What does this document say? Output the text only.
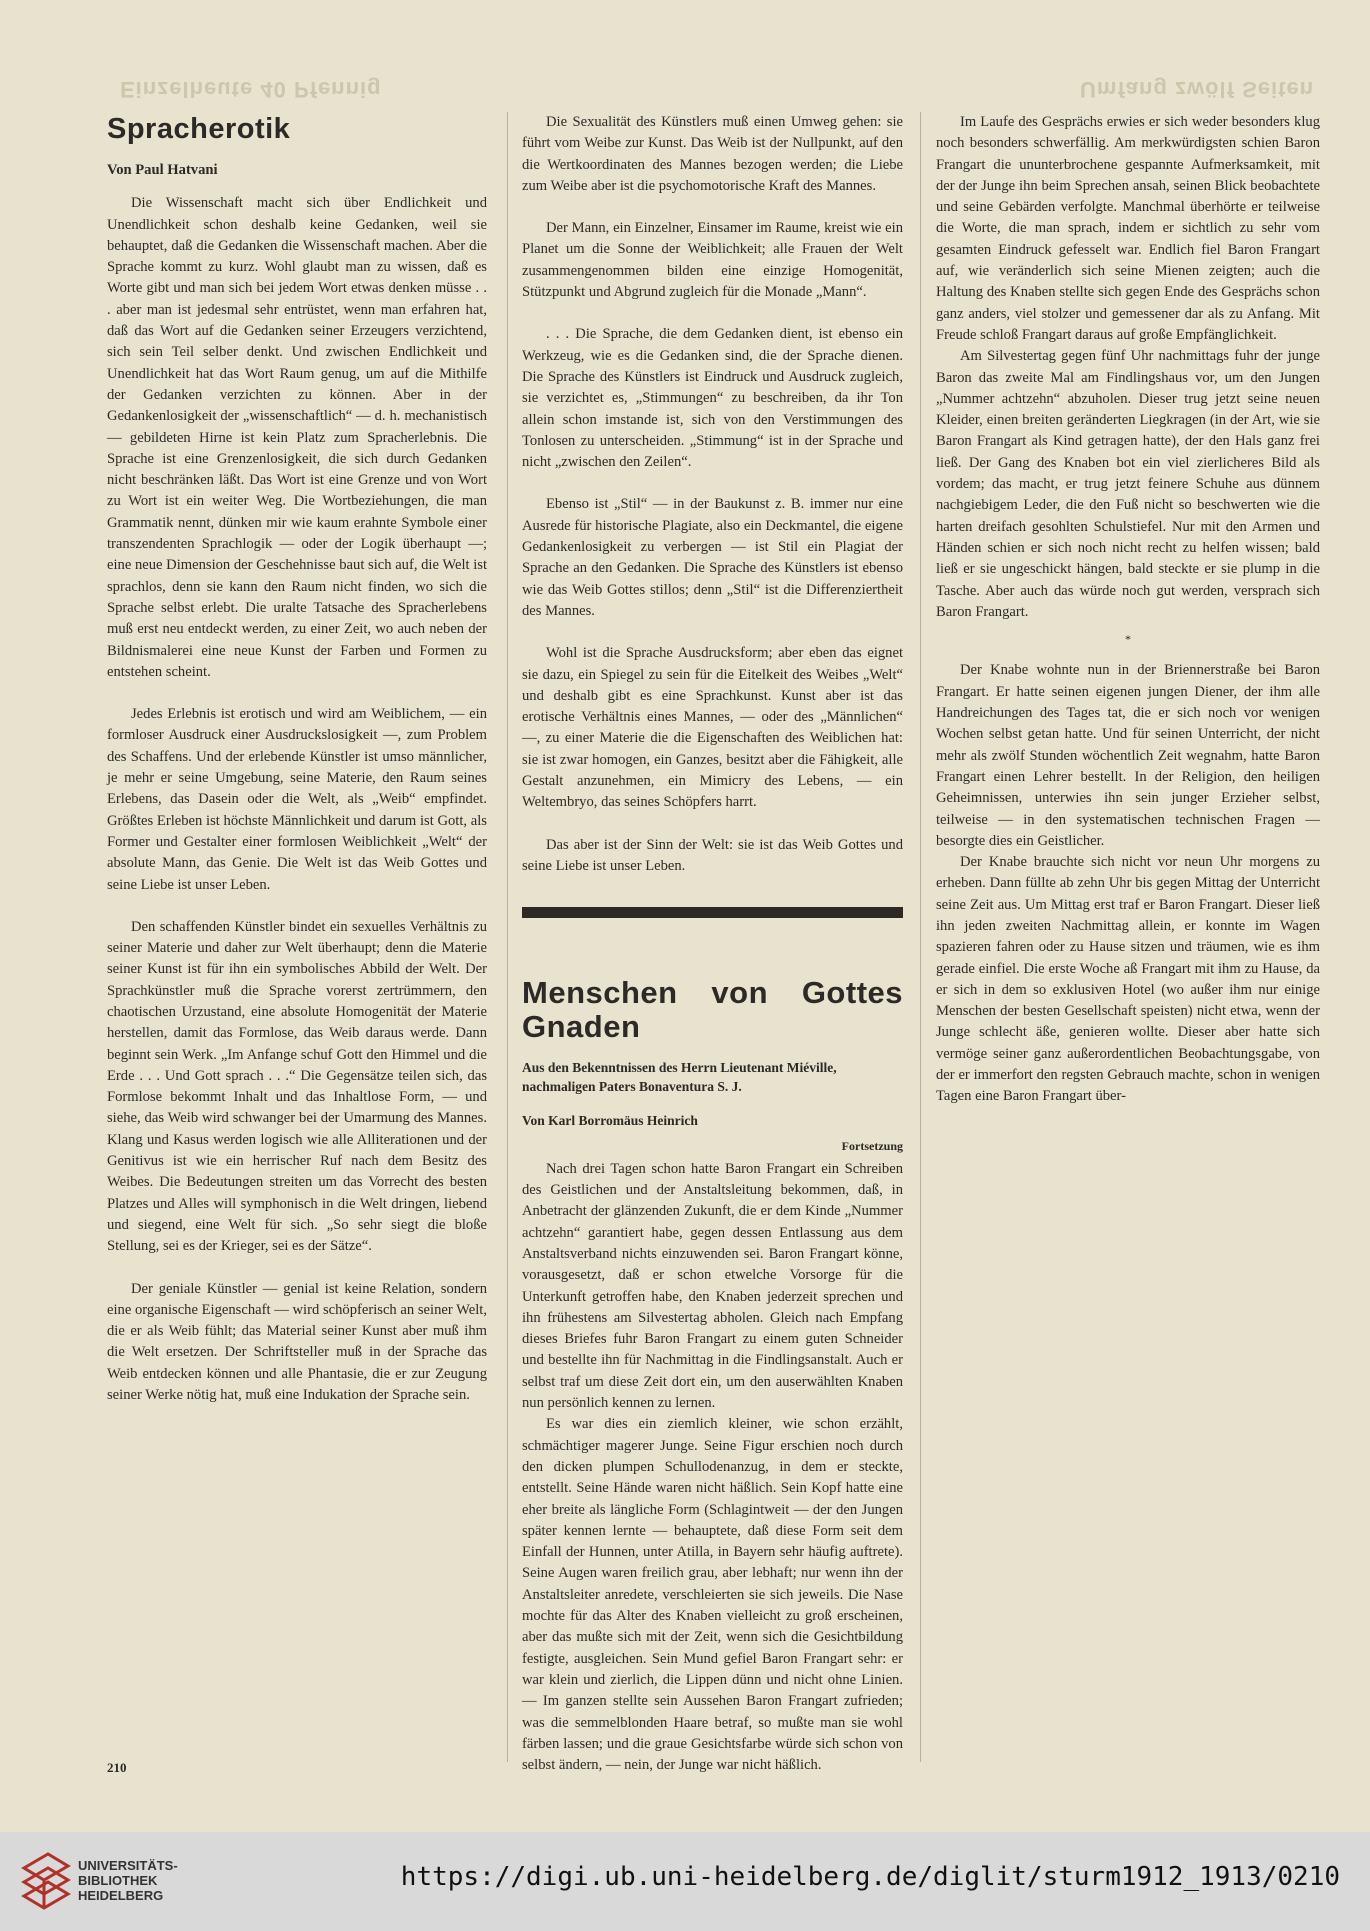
Einzelheute 40 Pfennig	Umfang zwölf Seiten
Spracherotik
Von Paul Hatvani

Die Wissenschaft macht sich über Endlichkeit und Unendlichkeit schon deshalb keine Gedanken, weil sie behauptet, daß die Gedanken die Wissenschaft machen. Aber die Sprache kommt zu kurz. Wohl glaubt man zu wissen, daß es Worte gibt und man sich bei jedem Wort etwas denken müsse . . . aber man ist jedesmal sehr entrüstet, wenn man erfahren hat, daß das Wort auf die Gedanken seiner Erzeugers verzichtend, sich sein Teil selber denkt. Und zwischen Endlichkeit und Unendlichkeit hat das Wort Raum genug, um auf die Mithilfe der Gedanken verzichten zu können. Aber in der Gedankenlosigkeit der „wissenschaftlich“ — d. h. mechanistisch — gebildeten Hirne ist kein Platz zum Spracherlebnis. Die Sprache ist eine Grenzenlosigkeit, die sich durch Gedanken nicht beschränken läßt. Das Wort ist eine Grenze und von Wort zu Wort ist ein weiter Weg. Die Wortbeziehungen, die man Grammatik nennt, dünken mir wie kaum erahnte Symbole einer transzendenten Sprachlogik — oder der Logik überhaupt —; eine neue Dimension der Geschehnisse baut sich auf, die Welt ist sprachlos, denn sie kann den Raum nicht finden, wo sich die Sprache selbst erlebt. Die uralte Tatsache des Spracherlebens muß erst neu entdeckt werden, zu einer Zeit, wo auch neben der Bildnismalerei eine neue Kunst der Farben und Formen zu entstehen scheint.

Jedes Erlebnis ist erotisch und wird am Weiblichem, — ein formloser Ausdruck einer Ausdruckslosigkeit —, zum Problem des Schaffens. Und der erlebende Künstler ist umso männlicher, je mehr er seine Umgebung, seine Materie, den Raum seines Erlebens, das Dasein oder die Welt, als „Weib“ empfindet. Größtes Erleben ist höchste Männlichkeit und darum ist Gott, als Former und Gestalter einer formlosen Weiblichkeit „Welt“ der absolute Mann, das Genie. Die Welt ist das Weib Gottes und seine Liebe ist unser Leben.

Den schaffenden Künstler bindet ein sexuelles Verhältnis zu seiner Materie und daher zur Welt überhaupt; denn die Materie seiner Kunst ist für ihn ein symbolisches Abbild der Welt. Der Sprachkünstler muß die Sprache vorerst zertrümmern, den chaotischen Urzustand, eine absolute Homogenität der Materie herstellen, damit das Formlose, das Weib daraus werde. Dann beginnt sein Werk. „Im Anfange schuf Gott den Himmel und die Erde . . . Und Gott sprach . . .“ Die Gegensätze teilen sich, das Formlose bekommt Inhalt und das Inhaltlose Form, — und siehe, das Weib wird schwanger bei der Umarmung des Mannes. Klang und Kasus werden logisch wie alle Alliterationen und der Genitivus ist wie ein herrischer Ruf nach dem Besitz des Weibes. Die Bedeutungen streiten um das Vorrecht des besten Platzes und Alles will symphonisch in die Welt dringen, liebend und siegend, eine Welt für sich. „So sehr siegt die bloße Stellung, sei es der Krieger, sei es der Sätze“.

Der geniale Künstler — genial ist keine Relation, sondern eine organische Eigenschaft — wird schöpferisch an seiner Welt, die er als Weib fühlt; das Material seiner Kunst aber muß ihm die Welt ersetzen. Der Schriftsteller muß in der Sprache das Weib entdecken können und alle Phantasie, die er zur Zeugung seiner Werke nötig hat, muß eine Indukation der Sprache sein.

Die Sexualität des Künstlers muß einen Umweg gehen: sie führt vom Weibe zur Kunst. Das Weib ist der Nullpunkt, auf den die Wertkoordinaten des Mannes bezogen werden; die Liebe zum Weibe aber ist die psychomotorische Kraft des Mannes.

Der Mann, ein Einzelner, Einsamer im Raume, kreist wie ein Planet um die Sonne der Weiblichkeit; alle Frauen der Welt zusammengenommen bilden eine einzige Homogenität, Stützpunkt und Abgrund zugleich für die Monade „Mann“.

. . . Die Sprache, die dem Gedanken dient, ist ebenso ein Werkzeug, wie es die Gedanken sind, die der Sprache dienen. Die Sprache des Künstlers ist Eindruck und Ausdruck zugleich, sie verzichtet es, „Stimmungen“ zu beschreiben, da ihr Ton allein schon imstande ist, sich von den Verstimmungen des Tonlosen zu unterscheiden. „Stimmung“ ist in der Sprache und nicht „zwischen den Zeilen“.

Ebenso ist „Stil“ — in der Baukunst z. B. immer nur eine Ausrede für historische Plagiate, also ein Deckmantel, die eigene Gedankenlosigkeit zu verbergen — ist Stil ein Plagiat der Sprache an den Gedanken. Die Sprache des Künstlers ist ebenso wie das Weib Gottes stillos; denn „Stil“ ist die Differenziertheit des Mannes.

Wohl ist die Sprache Ausdrucksform; aber eben das eignet sie dazu, ein Spiegel zu sein für die Eitelkeit des Weibes „Welt“ und deshalb gibt es eine Sprachkunst. Kunst aber ist das erotische Verhältnis eines Mannes, — oder des „Männlichen“ —, zu einer Materie die die Eigenschaften des Weiblichen hat: sie ist zwar homogen, ein Ganzes, besitzt aber die Fähigkeit, alle Gestalt anzunehmen, ein Mimicry des Lebens, — ein Weltembryo, das seines Schöpfers harrt.

Das aber ist der Sinn der Welt: sie ist das Weib Gottes und seine Liebe ist unser Leben.

Menschen von Gottes Gnaden
Aus den Bekenntnissen des Herrn Lieutenant Miéville, nachmaligen Paters Bonaventura S. J.
Von Karl Borromäus Heinrich
Fortsetzung

Nach drei Tagen schon hatte Baron Frangart ein Schreiben des Geistlichen und der Anstaltsleitung bekommen, daß, in Anbetracht der glänzenden Zukunft, die er dem Kinde „Nummer achtzehn“ garantiert habe, gegen dessen Entlassung aus dem Anstaltsverband nichts einzuwenden sei. Baron Frangart könne, vorausgesetzt, daß er schon etwelche Vorsorge für die Unterkunft getroffen habe, den Knaben jederzeit sprechen und ihn frühestens am Silvestertag abholen. Gleich nach Empfang dieses Briefes fuhr Baron Frangart zu einem guten Schneider und bestellte ihn für Nachmittag in die Findlingsanstalt. Auch er selbst traf um diese Zeit dort ein, um den auserwählten Knaben nun persönlich kennen zu lernen.

Es war dies ein ziemlich kleiner, wie schon erzählt, schmächtiger magerer Junge. Seine Figur erschien noch durch den dicken plumpen Schullodenanzug, in dem er steckte, entstellt. Seine Hände waren nicht häßlich. Sein Kopf hatte eine eher breite als längliche Form (Schlagintweit — der den Jungen später kennen lernte — behauptete, daß diese Form seit dem Einfall der Hunnen, unter Atilla, in Bayern sehr häufig auftrete). Seine Augen waren freilich grau, aber lebhaft; nur wenn ihn der Anstaltsleiter anredete, verschleierten sie sich jeweils. Die Nase mochte für das Alter des Knaben vielleicht zu groß erscheinen, aber das mußte sich mit der Zeit, wenn sich die Gesichtbildung festigte, ausgleichen. Sein Mund gefiel Baron Frangart sehr: er war klein und zierlich, die Lippen dünn und nicht ohne Linien. — Im ganzen stellte sein Aussehen Baron Frangart zufrieden; was die semmelblonden Haare betraf, so mußte man sie wohl färben lassen; und die graue Gesichtsfarbe würde sich schon von selbst ändern, — nein, der Junge war nicht häßlich.

Im Laufe des Gesprächs erwies er sich weder besonders klug noch besonders schwerfällig. Am merkwürdigsten schien Baron Frangart die ununterbrochene gespannte Aufmerksamkeit, mit der der Junge ihn beim Sprechen ansah, seinen Blick beobachtete und seine Gebärden verfolgte. Manchmal überhörte er teilweise die Worte, die man sprach, indem er sichtlich zu sehr vom gesamten Eindruck gefesselt war. Endlich fiel Baron Frangart auf, wie veränderlich sich seine Mienen zeigten; auch die Haltung des Knaben stellte sich gegen Ende des Gesprächs schon ganz anders, viel stolzer und gemessener dar als zu Anfang. Mit Freude schloß Frangart daraus auf große Empfänglichkeit.

Am Silvestertag gegen fünf Uhr nachmittags fuhr der junge Baron das zweite Mal am Findlingshaus vor, um den Jungen „Nummer achtzehn“ abzuholen. Dieser trug jetzt seine neuen Kleider, einen breiten geränderten Liegkragen (in der Art, wie sie Baron Frangart als Kind getragen hatte), der den Hals ganz frei ließ. Der Gang des Knaben bot ein viel zierlicheres Bild als vordem; das macht, er trug jetzt feinere Schuhe aus dünnem nachgiebigem Leder, die den Fuß nicht so beschwerten wie die harten dreifach gesohlten Schulstiefel. Nur mit den Armen und Händen schien er sich noch nicht recht zu helfen wissen; bald ließ er sie ungeschickt hängen, bald steckte er sie plump in die Tasche. Aber auch das würde noch gut werden, versprach sich Baron Frangart.

*

Der Knabe wohnte nun in der Briennerstraße bei Baron Frangart. Er hatte seinen eigenen jungen Diener, der ihm alle Handreichungen des Tages tat, die er sich noch vor wenigen Wochen selbst getan hatte. Und für seinen Unterricht, der nicht mehr als zwölf Stunden wöchentlich Zeit wegnahm, hatte Baron Frangart einen Lehrer bestellt. In der Religion, den heiligen Geheimnissen, unterwies ihn sein junger Erzieher selbst, teilweise — in den systematischen technischen Fragen — besorgte dies ein Geistlicher.

Der Knabe brauchte sich nicht vor neun Uhr morgens zu erheben. Dann füllte ab zehn Uhr bis gegen Mittag der Unterricht seine Zeit aus. Um Mittag erst traf er Baron Frangart. Dieser ließ ihn jeden zweiten Nachmittag allein, er konnte im Wagen spazieren fahren oder zu Hause sitzen und träumen, wie es ihm gerade einfiel. Die erste Woche aß Frangart mit ihm zu Hause, da er sich in dem so exklusiven Hotel (wo außer ihm nur einige Menschen der besten Gesellschaft speisten) nicht etwa, wenn der Junge schlecht äße, genieren wollte. Dieser aber hatte sich vermöge seiner ganz außerordentlichen Beobachtungsgabe, von der er immerfort den regsten Gebrauch machte, schon in wenigen Tagen eine Baron Frangart über-

210
UNIVERSITÄTS-
BIBLIOTHEK
HEIDELBERG
https://digi.ub.uni-heidelberg.de/diglit/sturm1912_1913/0210
